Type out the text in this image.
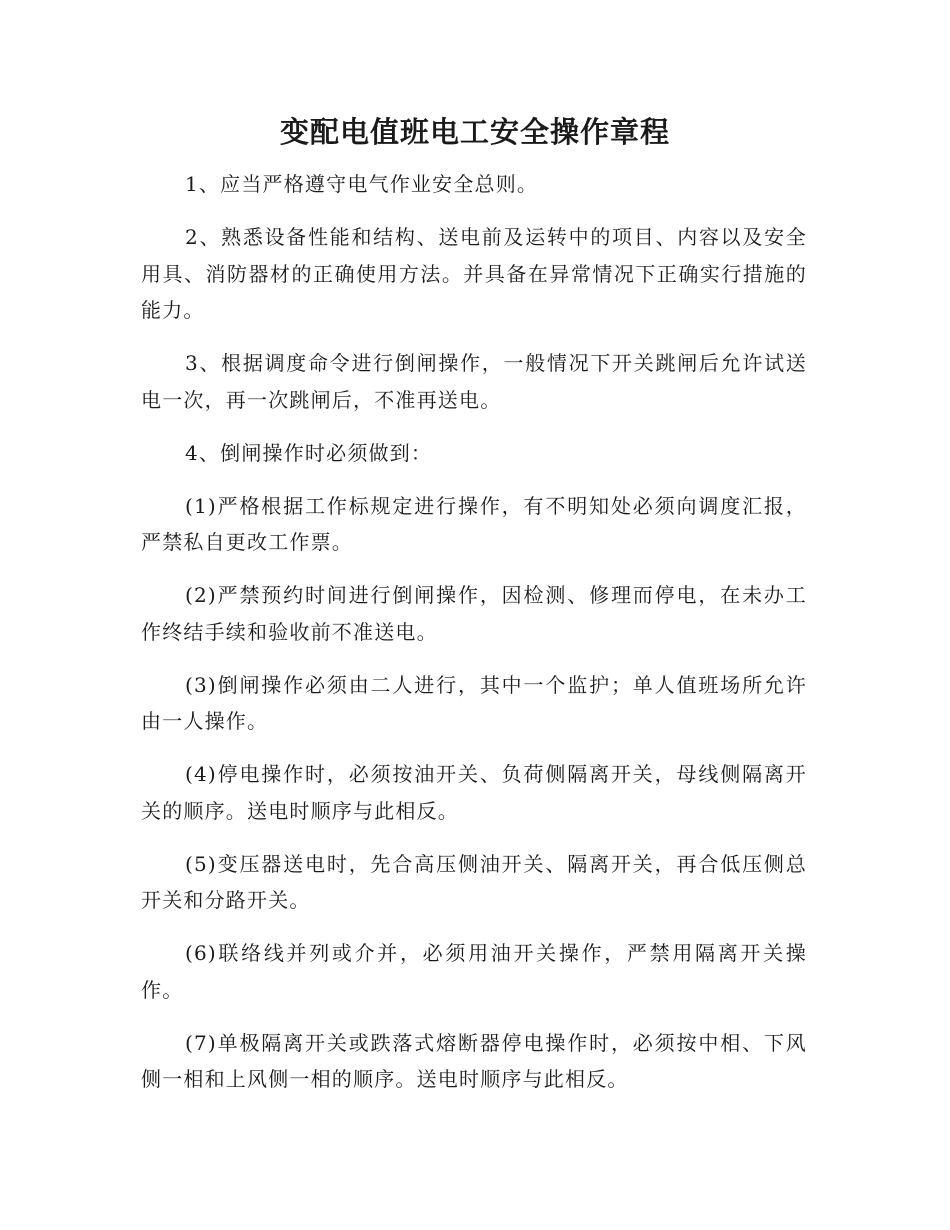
变配电值班电工安全操作章程

1、应当严格遵守电气作业安全总则。

2、熟悉设备性能和结构、送电前及运转中的项目、内容以及安全用具、消防器材的正确使用方法。并具备在异常情况下正确实行措施的能力。

3、根据调度命令进行倒闸操作，一般情况下开关跳闸后允许试送电一次，再一次跳闸后，不准再送电。

4、倒闸操作时必须做到：

(1)严格根据工作标规定进行操作，有不明知处必须向调度汇报，严禁私自更改工作票。

(2)严禁预约时间进行倒闸操作，因检测、修理而停电，在未办工作终结手续和验收前不准送电。

(3)倒闸操作必须由二人进行，其中一个监护；单人值班场所允许由一人操作。

(4)停电操作时，必须按油开关、负荷侧隔离开关，母线侧隔离开关的顺序。送电时顺序与此相反。

(5)变压器送电时，先合高压侧油开关、隔离开关，再合低压侧总开关和分路开关。

(6)联络线并列或介并，必须用油开关操作，严禁用隔离开关操作。

(7)单极隔离开关或跌落式熔断器停电操作时，必须按中相、下风侧一相和上风侧一相的顺序。送电时顺序与此相反。
